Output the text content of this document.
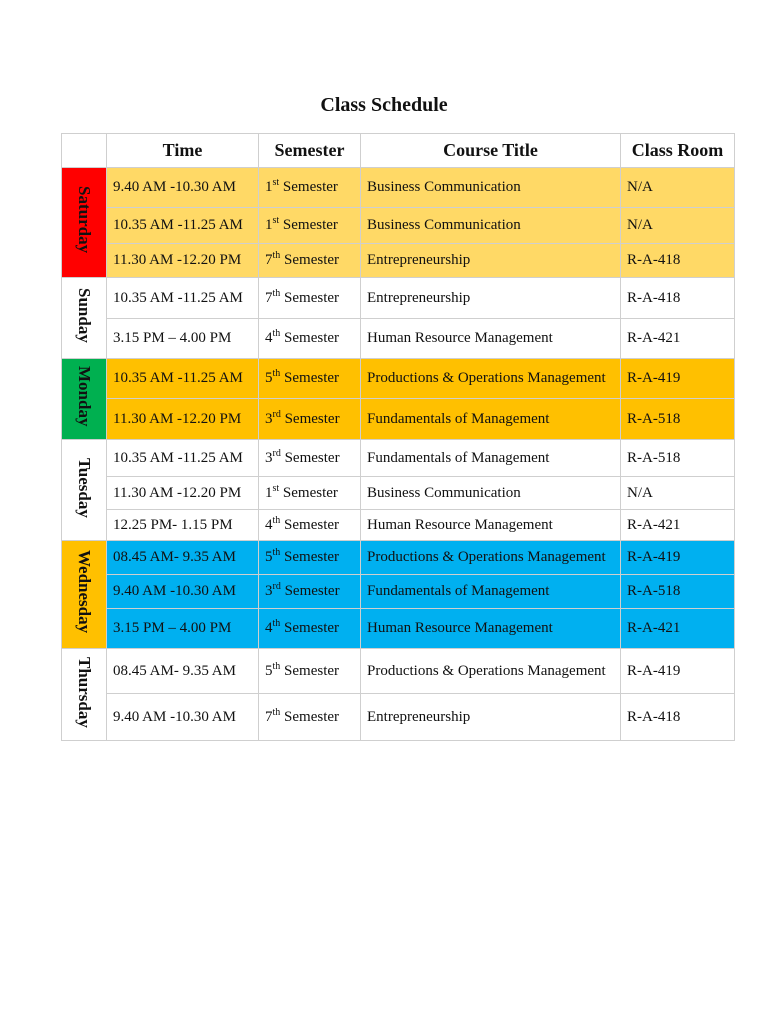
Class Schedule
	Time	Semester	Course Title	Class Room
Saturday	9.40 AM -10.30 AM	1st Semester	Business Communication	N/A
	10.35 AM -11.25 AM	1st Semester	Business Communication	N/A
	11.30 AM -12.20 PM	7th Semester	Entrepreneurship	R-A-418
Sunday	10.35 AM -11.25 AM	7th Semester	Entrepreneurship	R-A-418
	3.15 PM – 4.00 PM	4th Semester	Human Resource Management	R-A-421
Monday	10.35 AM -11.25 AM	5th Semester	Productions & Operations Management	R-A-419
	11.30 AM -12.20 PM	3rd Semester	Fundamentals of Management	R-A-518
Tuesday	10.35 AM -11.25 AM	3rd Semester	Fundamentals of Management	R-A-518
	11.30 AM -12.20 PM	1st Semester	Business Communication	N/A
	12.25 PM- 1.15 PM	4th Semester	Human Resource Management	R-A-421
Wednesday	08.45 AM- 9.35 AM	5th Semester	Productions & Operations Management	R-A-419
	9.40 AM -10.30 AM	3rd Semester	Fundamentals of Management	R-A-518
	3.15 PM – 4.00 PM	4th Semester	Human Resource Management	R-A-421
Thursday	08.45 AM- 9.35 AM	5th Semester	Productions & Operations Management	R-A-419
	9.40 AM -10.30 AM	7th Semester	Entrepreneurship	R-A-418
